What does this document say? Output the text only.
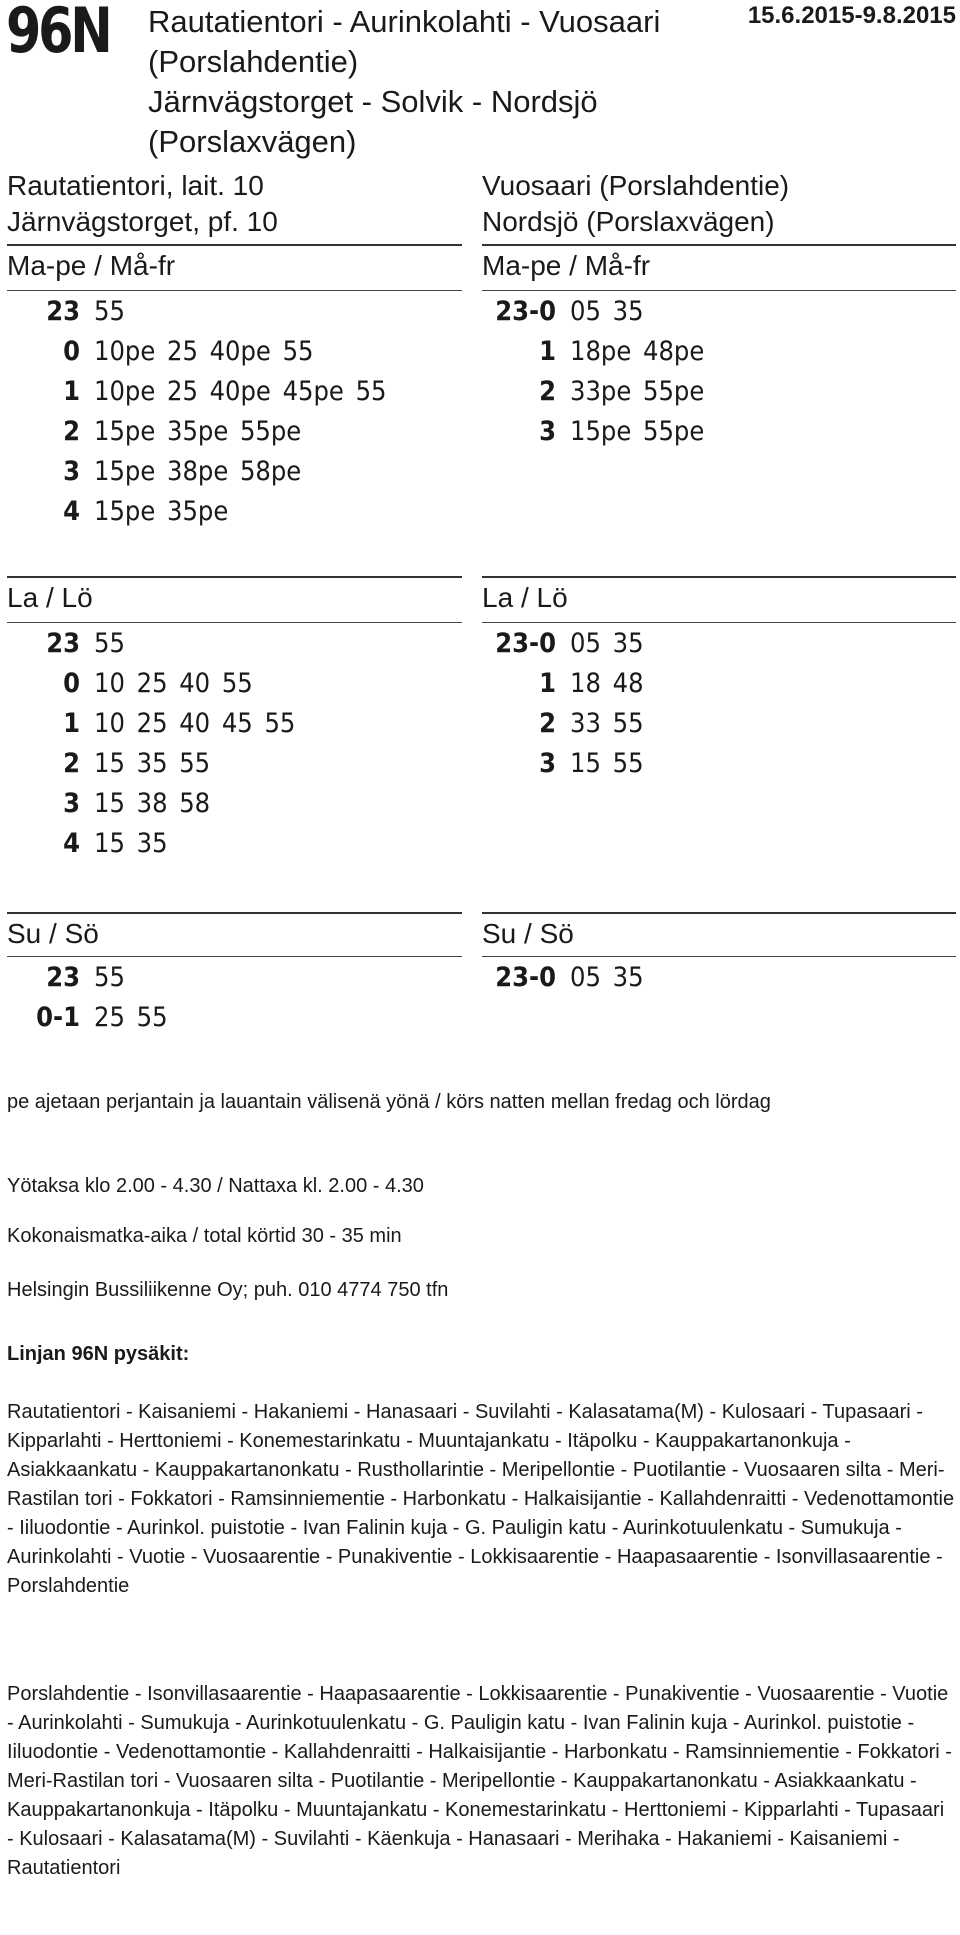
96N Rautatientori - Aurinkolahti - Vuosaari (Porslahdentie)
Järnvägstorget - Solvik - Nordsjö (Porslaxvägen)
15.6.2015-9.8.2015
Rautatientori, lait. 10
Järnvägstorget, pf. 10
Vuosaari (Porslahdentie)
Nordsjö (Porslaxvägen)
Ma-pe / Må-fr	Ma-pe / Må-fr
23 55
0 10pe 25 40pe 55
1 10pe 25 40pe 45pe 55
2 15pe 35pe 55pe
3 15pe 38pe 58pe
4 15pe 35pe
23-0 05 35
1 18pe 48pe
2 33pe 55pe
3 15pe 55pe
La / Lö	La / Lö
23 55
0 10 25 40 55
1 10 25 40 45 55
2 15 35 55
3 15 38 58
4 15 35
23-0 05 35
1 18 48
2 33 55
3 15 55
Su / Sö	Su / Sö
23 55
0-1 25 55
23-0 05 35
pe ajetaan perjantain ja lauantain välisenä yönä / körs natten mellan fredag och lördag
Yötaksa klo 2.00 - 4.30 / Nattaxa kl. 2.00 - 4.30
Kokonaismatka-aika / total körtid 30 - 35 min
Helsingin Bussiliikenne Oy; puh. 010 4774 750 tfn
Linjan 96N pysäkit:
Rautatientori - Kaisaniemi - Hakaniemi - Hanasaari - Suvilahti - Kalasatama(M) - Kulosaari - Tupasaari - Kipparlahti - Herttoniemi - Konemestarinkatu - Muuntajankatu - Itäpolku - Kauppakartanonkuja - Asiakkaankatu - Kauppakartanonkatu - Rusthollarintie - Meripellontie - Puotilantie - Vuosaaren silta - Meri-Rastilan tori - Fokkatori - Ramsinniementie - Harbonkatu - Halkaisijantie - Kallahdenraitti - Vedenottamontie - Iiluodontie - Aurinkol. puistotie - Ivan Falinin kuja - G. Pauligin katu - Aurinkotuulenkatu - Sumukuja - Aurinkolahti - Vuotie - Vuosaarentie - Punakiventie - Lokkisaarentie - Haapasaarentie - Isonvillasaarentie - Porslahdentie
Porslahdentie - Isonvillasaarentie - Haapasaarentie - Lokkisaarentie - Punakiventie - Vuosaarentie - Vuotie - Aurinkolahti - Sumukuja - Aurinkotuulenkatu - G. Pauligin katu - Ivan Falinin kuja - Aurinkol. puistotie - Iiluodontie - Vedenottamontie - Kallahdenraitti - Halkaisijantie - Harbonkatu - Ramsinniementie - Fokkatori - Meri-Rastilan tori - Vuosaaren silta - Puotilantie - Meripellontie - Kauppakartanonkatu - Asiakkaankatu - Kauppakartanonkuja - Itäpolku - Muuntajankatu - Konemestarinkatu - Herttoniemi - Kipparlahti - Tupasaari - Kulosaari - Kalasatama(M) - Suvilahti - Käenkuja - Hanasaari - Merihaka - Hakaniemi - Kaisaniemi - Rautatientori
